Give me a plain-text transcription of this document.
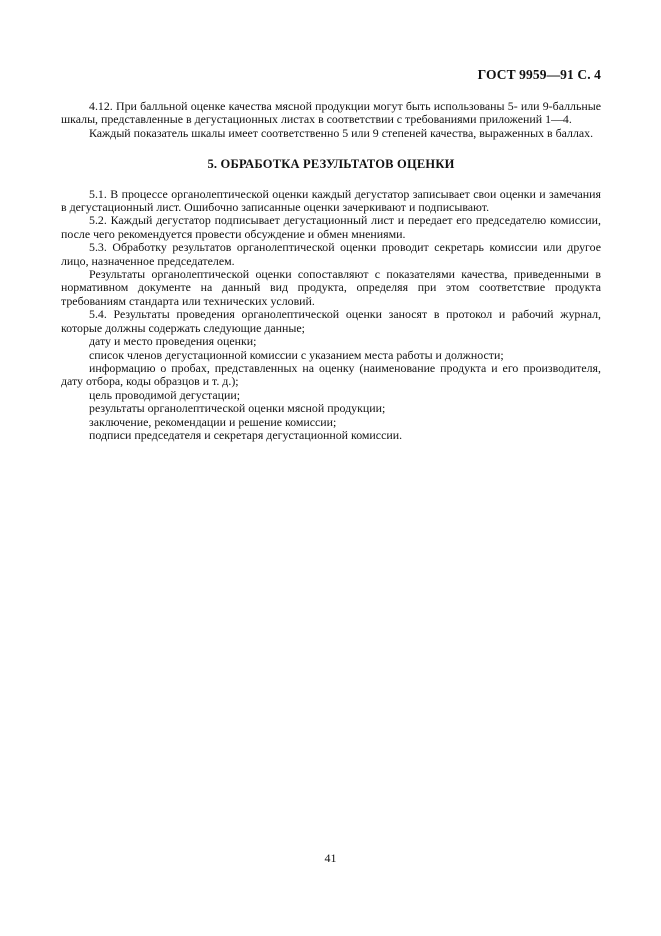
ГОСТ 9959—91 С. 4

4.12. При балльной оценке качества мясной продукции могут быть использованы 5- или 9-балльные шкалы, представленные в дегустационных листах в соответствии с требованиями приложений 1—4.

Каждый показатель шкалы имеет соответственно 5 или 9 степеней качества, выраженных в баллах.

5. ОБРАБОТКА РЕЗУЛЬТАТОВ ОЦЕНКИ

5.1. В процессе органолептической оценки каждый дегустатор записывает свои оценки и замечания в дегустационный лист. Ошибочно записанные оценки зачеркивают и подписывают.

5.2. Каждый дегустатор подписывает дегустационный лист и передает его председателю комиссии, после чего рекомендуется провести обсуждение и обмен мнениями.

5.3. Обработку результатов органолептической оценки проводит секретарь комиссии или другое лицо, назначенное председателем.

Результаты органолептической оценки сопоставляют с показателями качества, приведенными в нормативном документе на данный вид продукта, определяя при этом соответствие продукта требованиям стандарта или технических условий.

5.4. Результаты проведения органолептической оценки заносят в протокол и рабочий журнал, которые должны содержать следующие данные;

дату и место проведения оценки;

список членов дегустационной комиссии с указанием места работы и должности;

информацию о пробах, представленных на оценку (наименование продукта и его производителя, дату отбора, коды образцов и т. д.);

цель проводимой дегустации;

результаты органолептической оценки мясной продукции;

заключение, рекомендации и решение комиссии;

подписи председателя и секретаря дегустационной комиссии.

41
